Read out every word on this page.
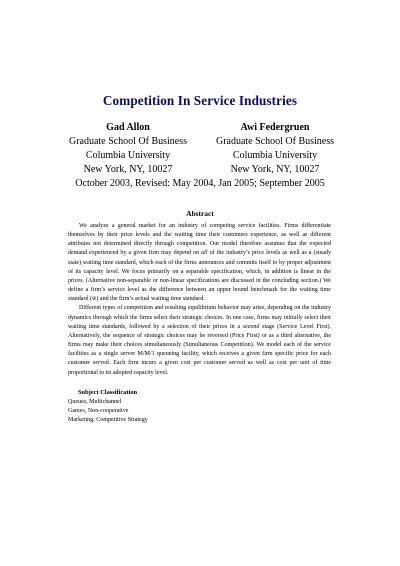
Competition In Service Industries
Gad Allon
Graduate School Of Business
Columbia University
New York, NY, 10027
Awi Federgruen
Graduate School Of Business
Columbia University
New York, NY, 10027
October 2003, Revised: May 2004, Jan 2005; September 2005
Abstract

We analyze a general market for an industry of competing service facilities. Firms differentiate themselves by their price levels and the waiting time their customers experience, as well as different attributes not determined directly through competition. Our model therefore assumes that the expected demand experienced by a given firm may depend on all of the industry’s price levels as well as a (steady state) waiting time standard, which each of the firms announces and commits itself to by proper adjustment of its capacity level. We focus primarily on a separable specification, which, in addition is linear in the prices. (Alternative non-separable or non-linear specifications are discussed in the concluding section.) We define a firm’s service level as the difference between an upper bound benchmark for the waiting time standard (w̄) and the firm’s actual waiting time standard.

Different types of competition and resulting equilibrium behavior may arise, depending on the industry dynamics through which the firms select their strategic choices. In one case, firms may initially select their waiting time standards, followed by a selection of their prices in a second stage (Service Level First). Alternatively, the sequence of strategic choices may be reversed (Price First) or as a third alternative, the firms may make their choices simultaneously (Simultaneous Competition). We model each of the service facilities as a single server M/M/1 queueing facility, which receives a given firm specific price for each customer served. Each firm incurs a given cost per customer served as well as cost per unit of time proportional to its adopted capacity level.

Subject Classification
Queues, Multichannel
Games, Non-cooperative
Marketing, Competitive Strategy
